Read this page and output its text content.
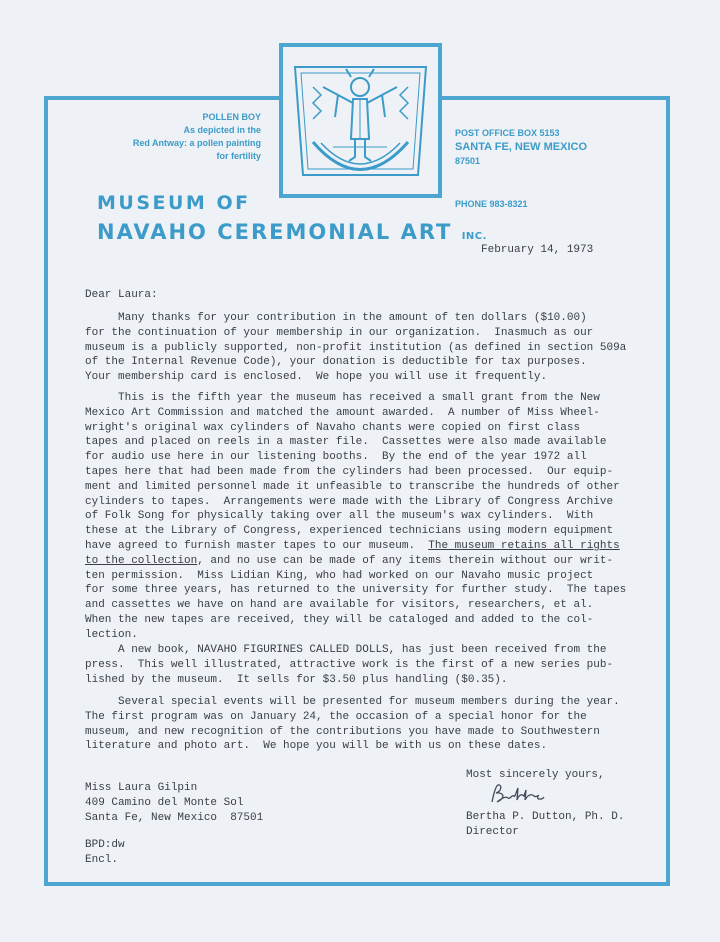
POLLEN BOY
As depicted in the
Red Antway: a pollen painting
for fertility
POST OFFICE BOX 5153
SANTA FE, NEW MEXICO
87501
PHONE 983-8321
MUSEUM OF
NAVAHO CEREMONIAL ART INC.
February 14, 1973
Dear Laura:
Many thanks for your contribution in the amount of ten dollars ($10.00)
for the continuation of your membership in our organization.  Inasmuch as our
museum is a publicly supported, non-profit institution (as defined in section 509a
of the Internal Revenue Code), your donation is deductible for tax purposes.
Your membership card is enclosed.  We hope you will use it frequently.
This is the fifth year the museum has received a small grant from the New
Mexico Art Commission and matched the amount awarded.  A number of Miss Wheel-
wright's original wax cylinders of Navaho chants were copied on first class
tapes and placed on reels in a master file.  Cassettes were also made available
for audio use here in our listening booths.  By the end of the year 1972 all
tapes here that had been made from the cylinders had been processed.  Our equip-
ment and limited personnel made it unfeasible to transcribe the hundreds of other
cylinders to tapes.  Arrangements were made with the Library of Congress Archive
of Folk Song for physically taking over all the museum's wax cylinders.  With
these at the Library of Congress, experienced technicians using modern equipment
have agreed to furnish master tapes to our museum.  The museum retains all rights
to the collection, and no use can be made of any items therein without our writ-
ten permission.  Miss Lidian King, who had worked on our Navaho music project
for some three years, has returned to the university for further study.  The tapes
and cassettes we have on hand are available for visitors, researchers, et al.
When the new tapes are received, they will be cataloged and added to the col-
lection.
A new book, NAVAHO FIGURINES CALLED DOLLS, has just been received from the
press.  This well illustrated, attractive work is the first of a new series pub-
lished by the museum.  It sells for $3.50 plus handling ($0.35).
Several special events will be presented for museum members during the year.
The first program was on January 24, the occasion of a special honor for the
museum, and new recognition of the contributions you have made to Southwestern
literature and photo art.  We hope you will be with us on these dates.
Most sincerely yours,
Bertha P. Dutton, Ph. D.
Director
Miss Laura Gilpin
409 Camino del Monte Sol
Santa Fe, New Mexico  87501
BPD:dw
Encl.
